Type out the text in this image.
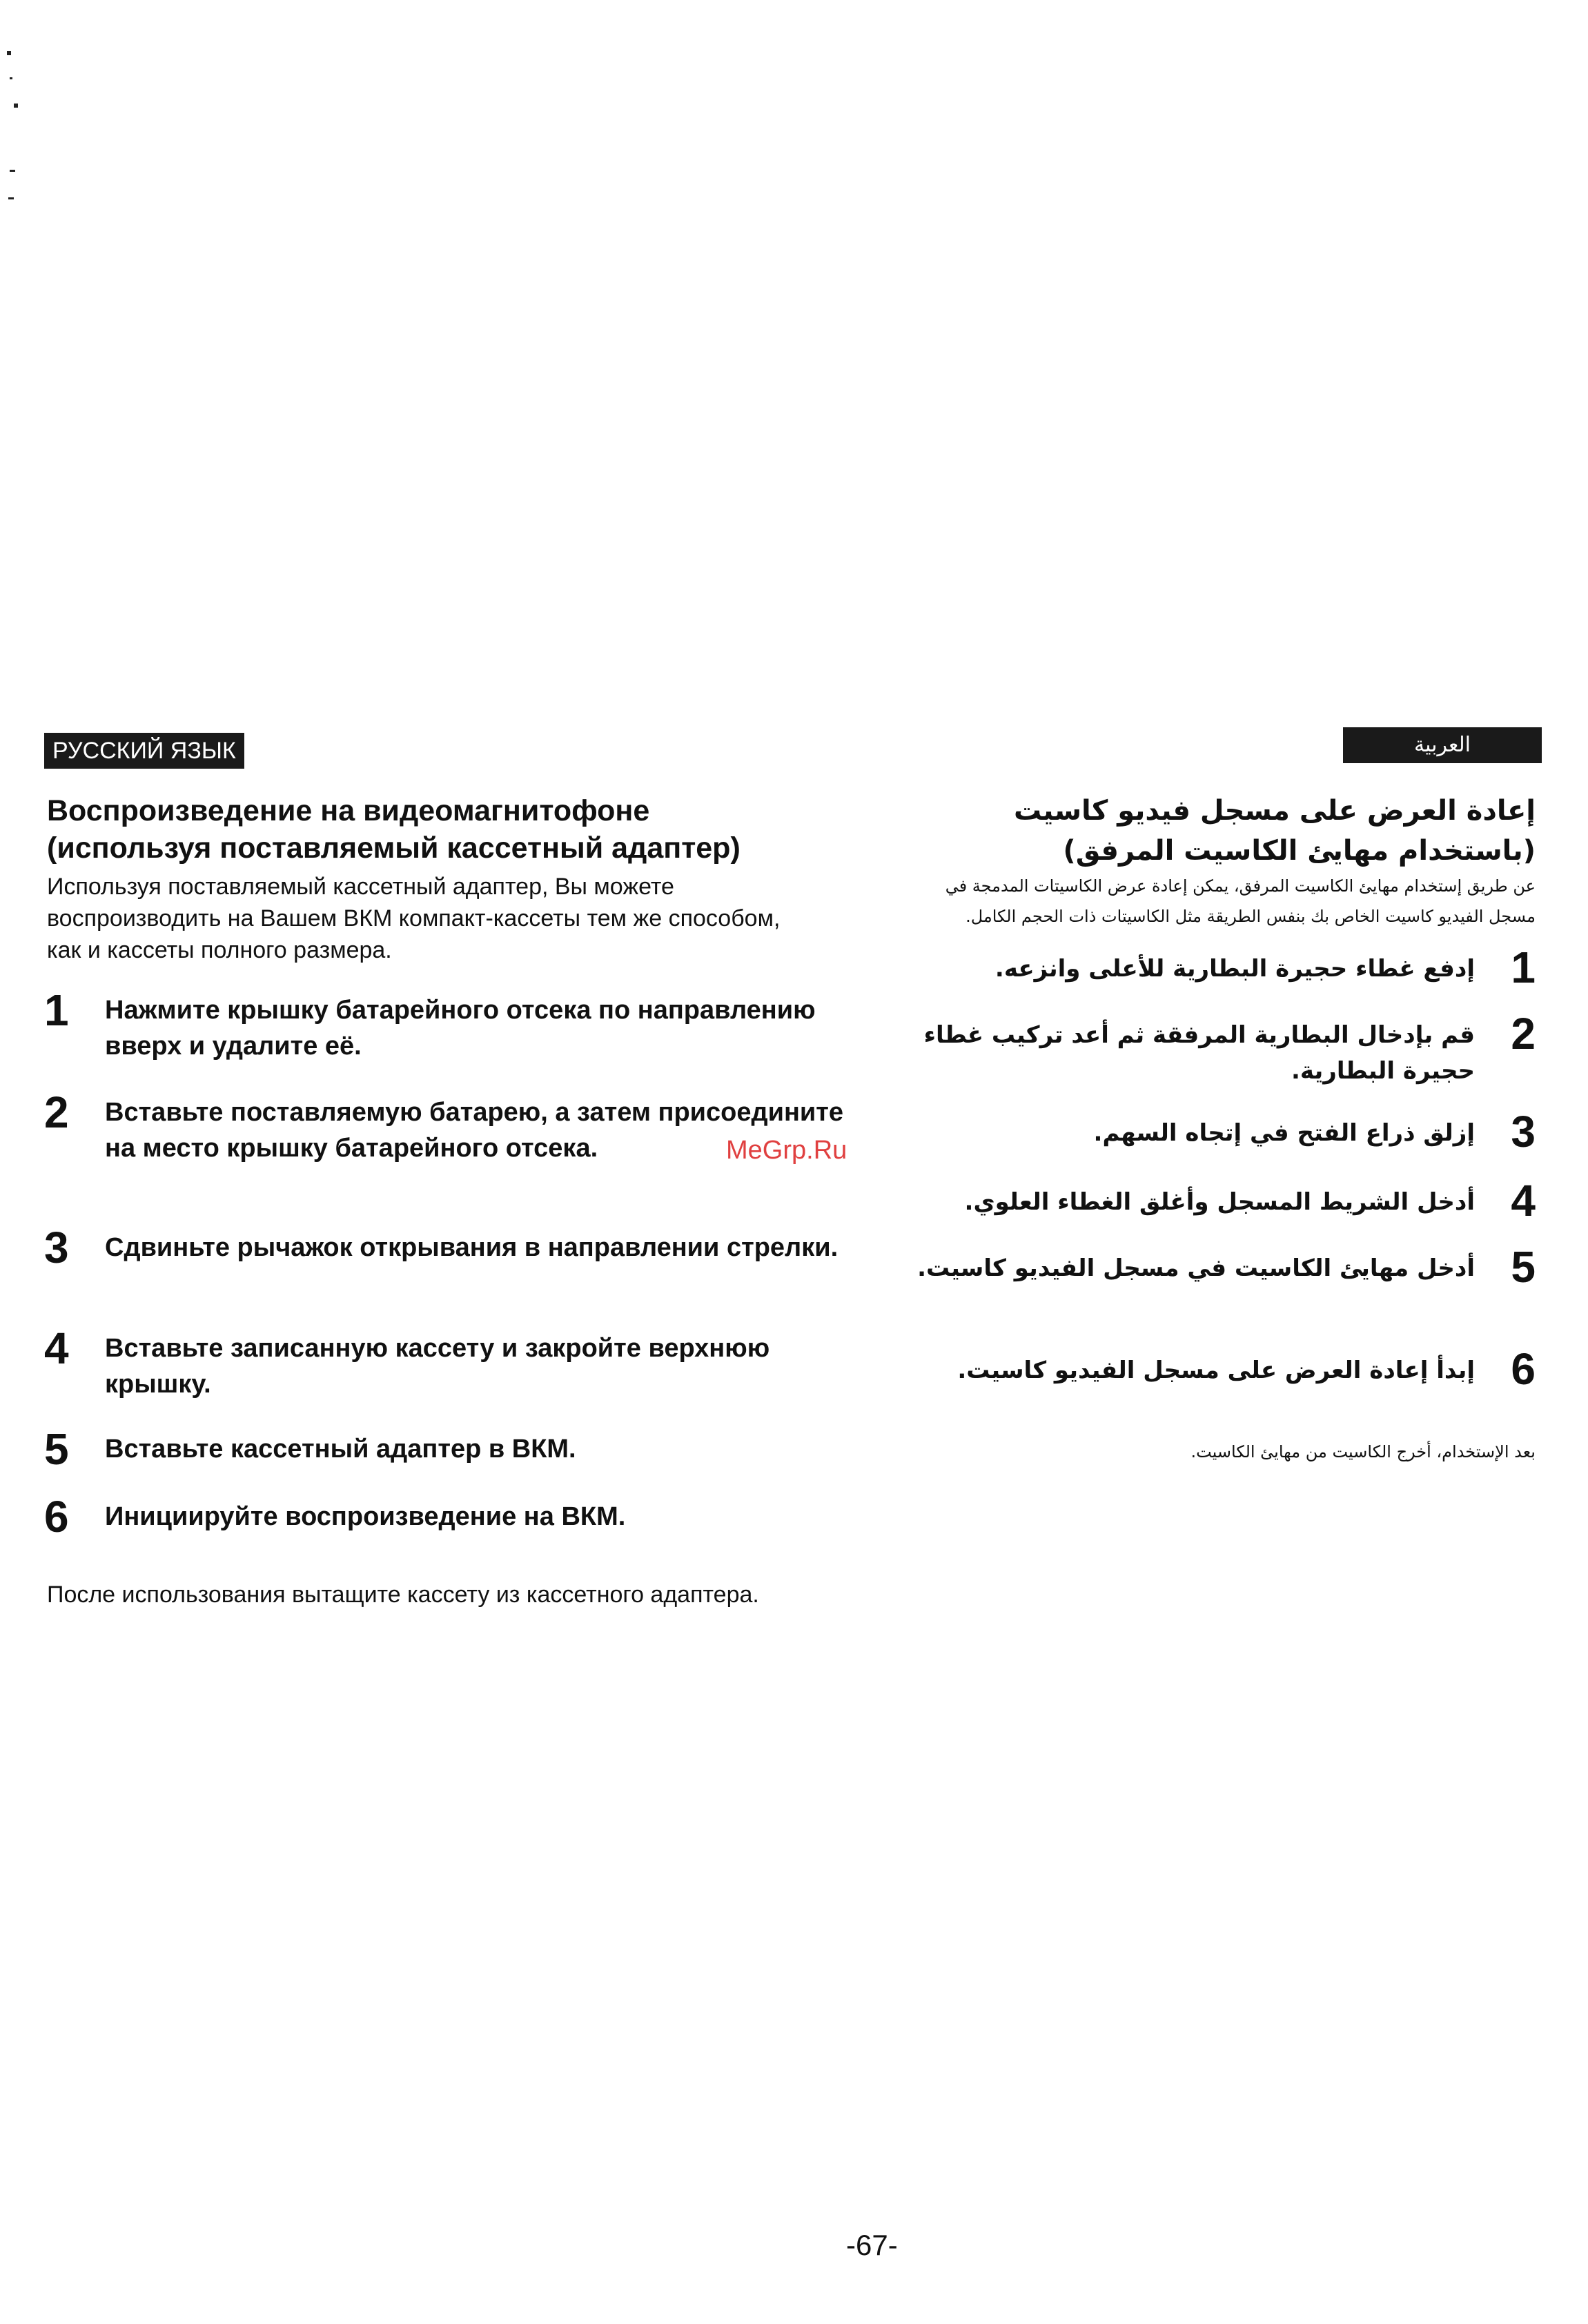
РУССКИЙ ЯЗЫК
Воспроизведение на видеомагнитофоне
(используя поставляемый кассетный адаптер)
Используя поставляемый кассетный адаптер, Вы можете воспроизводить на Вашем ВКМ компакт-кассеты тем же способом, как и кассеты полного размера.
1 Нажмите крышку батарейного отсека по направлению вверх и удалите её.
2 Вставьте поставляемую батарею, а затем присоедините на место крышку батарейного отсека.
3 Сдвиньте рычажок открывания в направлении стрелки.
4 Вставьте записанную кассету и закройте верхнюю крышку.
5 Вставьте кассетный адаптер в ВКМ.
6 Инициируйте воспроизведение на ВКМ.
После использования вытащите кассету из кассетного адаптера.
العربية
إعادة العرض على مسجل فيديو كاسيت
(باستخدام مهايئ الكاسيت المرفق)
عن طريق إستخدام مهايئ الكاسيت المرفق، يمكن إعادة عرض الكاسيتات المدمجة في مسجل الفيديو كاسيت الخاص بك بنفس الطريقة مثل الكاسيتات ذات الحجم الكامل.
1
إدفع غطاء حجيرة البطارية للأعلى وانزعه.
2
قم بإدخال البطارية المرفقة ثم أعد تركيب غطاء حجيرة البطارية.
3
إزلق ذراع الفتح في إتجاه السهم.
4
أدخل الشريط المسجل وأغلق الغطاء العلوي.
5
أدخل مهايئ الكاسيت في مسجل الفيديو كاسيت.
6
إبدأ إعادة العرض على مسجل الفيديو كاسيت.
بعد الإستخدام، أخرج الكاسيت من مهايئ الكاسيت.
MeGrp.Ru
-67-
